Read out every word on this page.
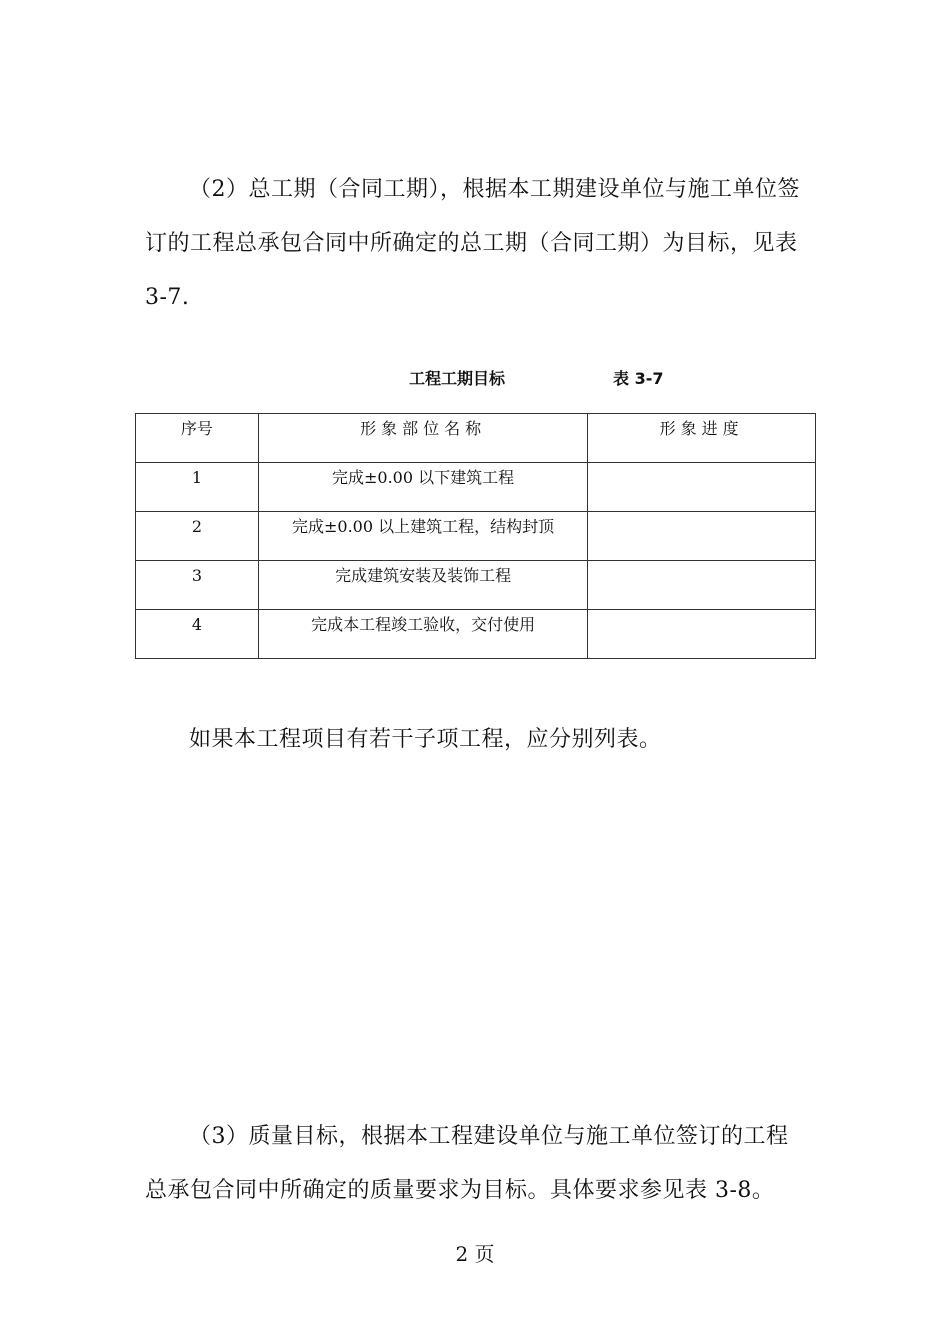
（2）总工期（合同工期），根据本工期建设单位与施工单位签订的工程总承包合同中所确定的总工期（合同工期）为目标，见表 3-7.
工程工期目标	表 3-7
序号	形象部位名称	形象进度

1	完成±0.00 以下建筑工程	

2	完成±0.00 以上建筑工程，结构封顶	

3	完成建筑安装及装饰工程	

4	完成本工程竣工验收，交付使用	

如果本工程项目有若干子项工程，应分别列表。
（3）质量目标，根据本工程建设单位与施工单位签订的工程总承包合同中所确定的质量要求为目标。具体要求参见表 3-8。
2 页
